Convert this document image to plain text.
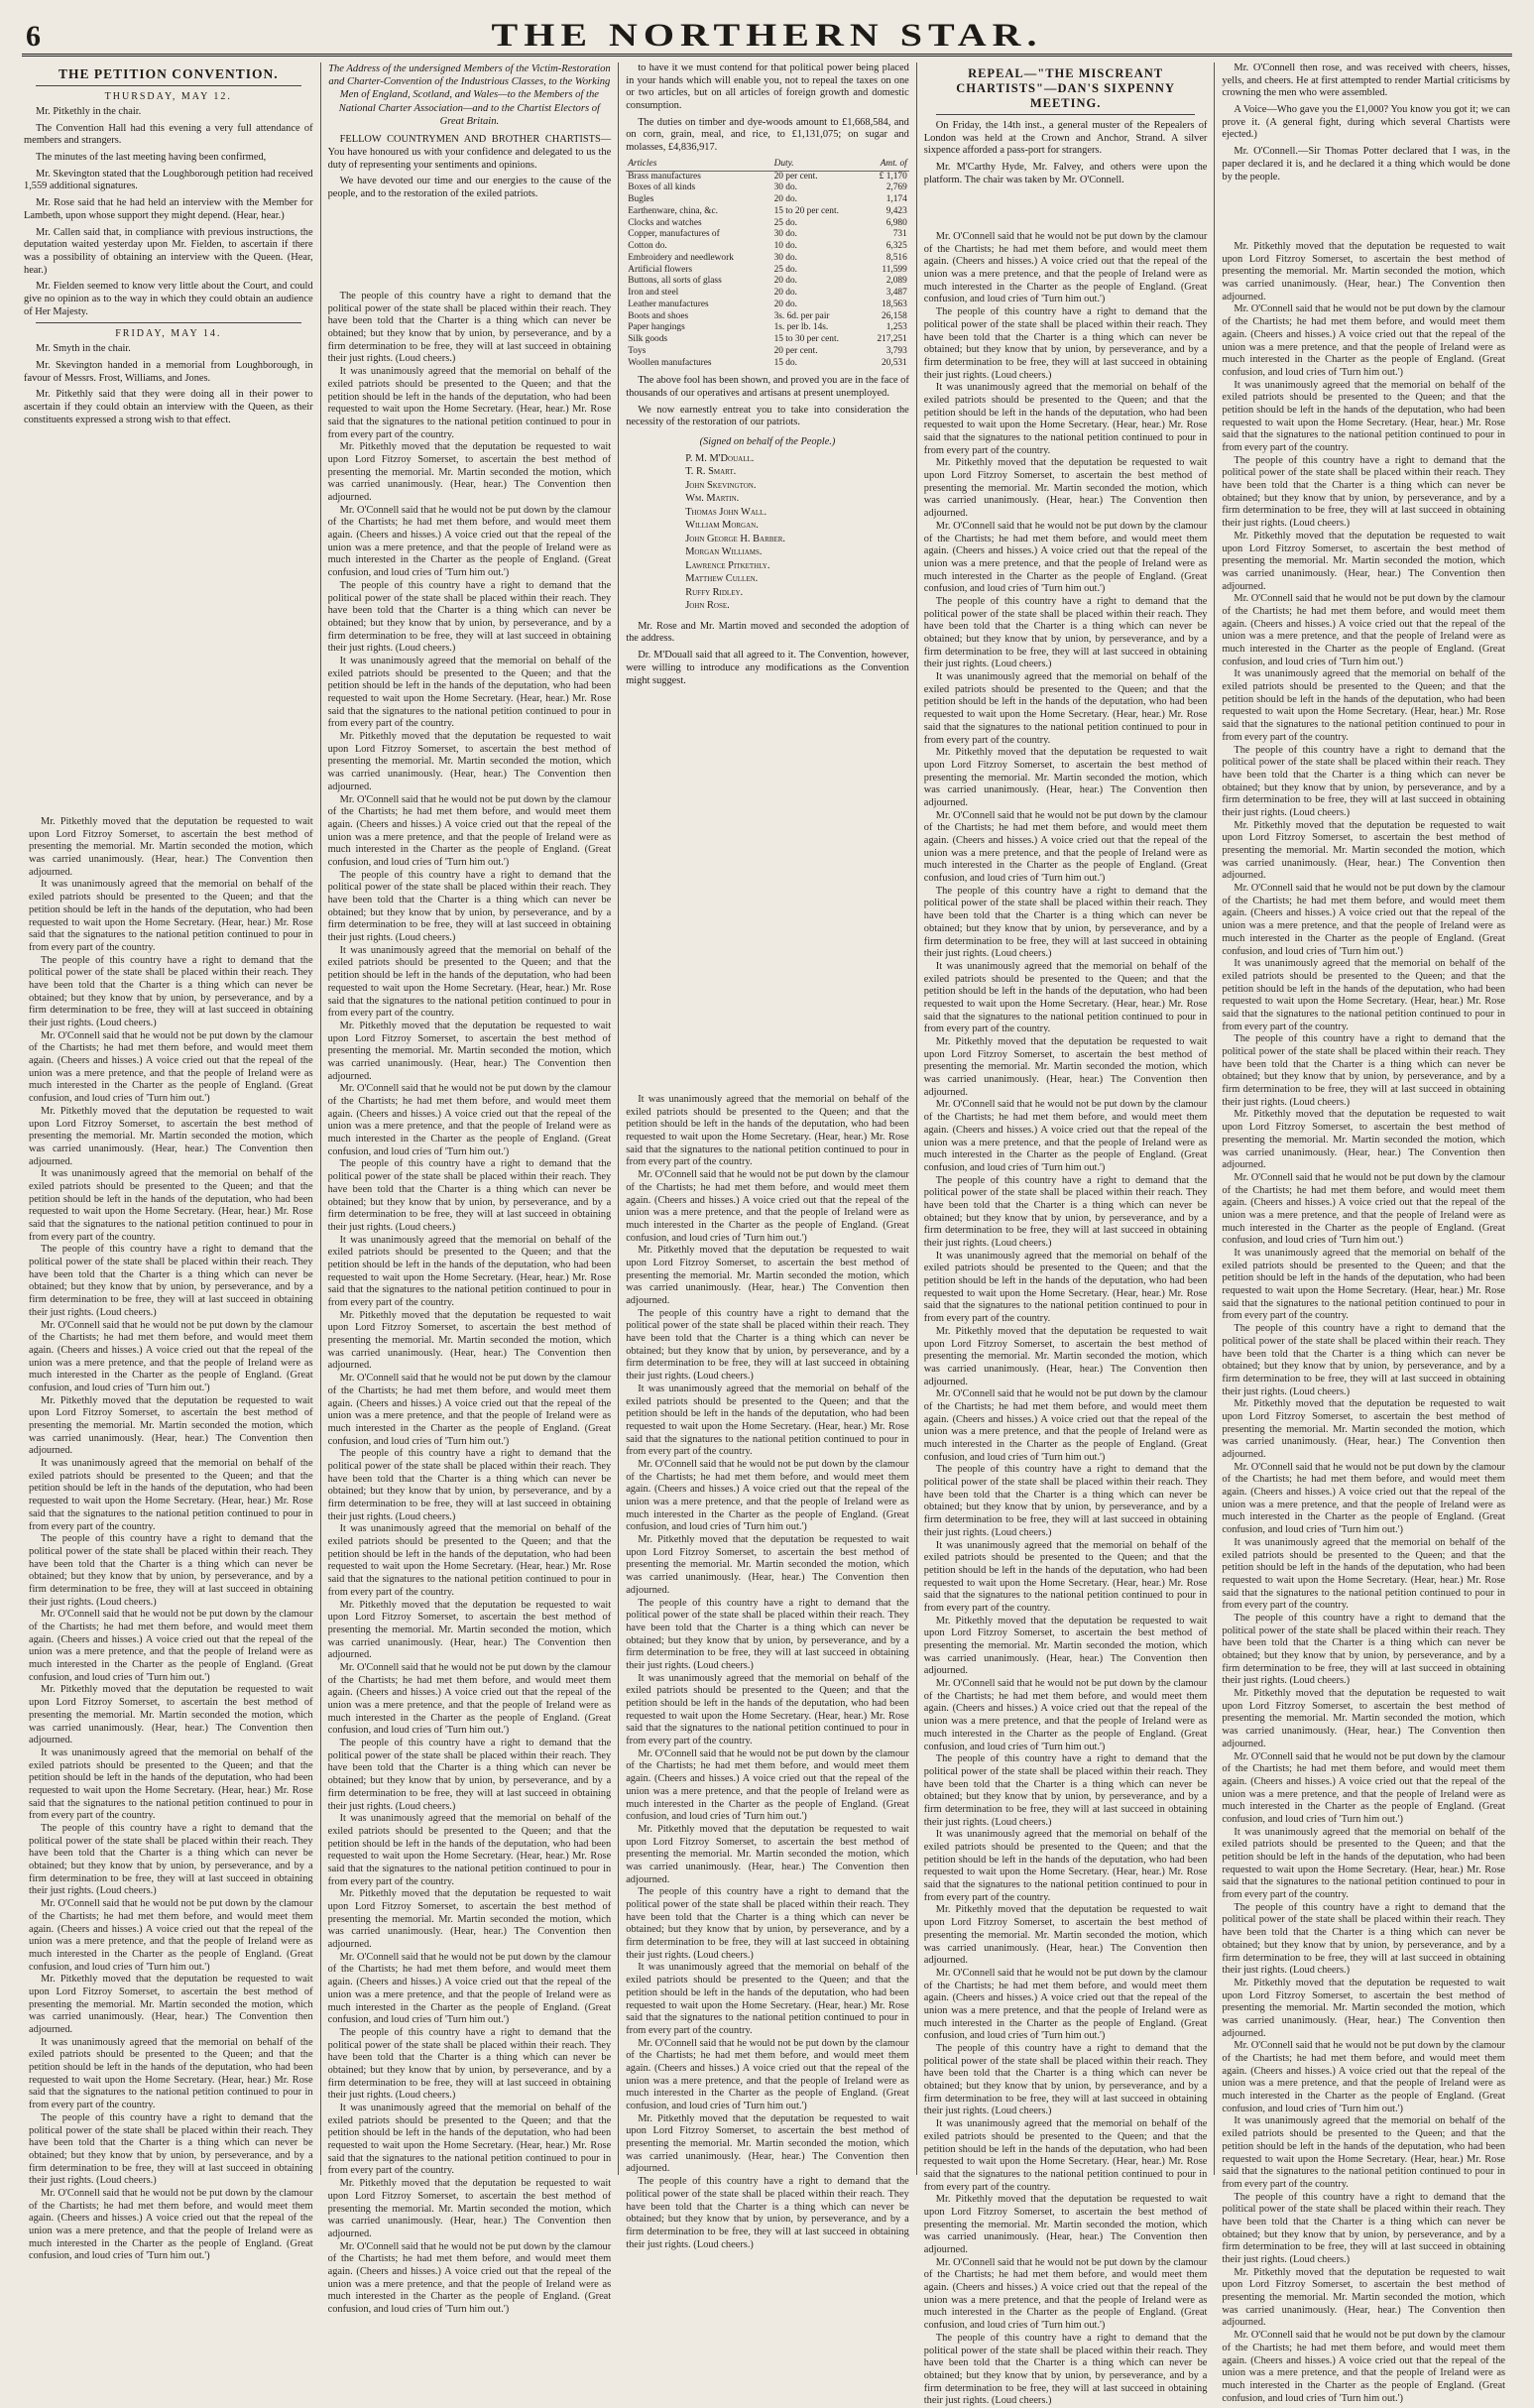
6	THE NORTHERN STAR.
THE PETITION CONVENTION.
THURSDAY, MAY 12.

Mr. Pitkethly in the chair.

The Convention Hall had this evening a very full attendance of members and strangers.

The minutes of the last meeting having been confirmed,

Mr. Skevington stated that the Loughborough petition had received 1,559 additional signatures.

Mr. Rose said that he had held an interview with the Member for Lambeth, upon whose support they might depend. (Hear, hear.)

Mr. Callen said that, in compliance with previous instructions, the deputation waited yesterday upon Mr. Fielden, to ascertain if there was a possibility of obtaining an interview with the Queen. (Hear, hear.)

Mr. Fielden seemed to know very little about the Court, and could give no opinion as to the way in which they could obtain an audience of Her Majesty.

FRIDAY, MAY 14.

Mr. Smyth in the chair.

Mr. Skevington handed in a memorial from Loughborough, in favour of Messrs. Frost, Williams, and Jones.

Mr. Pitkethly said that they were doing all in their power to ascertain if they could obtain an interview with the Queen, as their constituents expressed a strong wish to that effect.

Mr. Pitkethly moved that the deputation be requested to wait upon Lord Fitzroy Somerset, to ascertain the best method of presenting the memorial. Mr. Martin seconded the motion, which was carried unanimously. (Hear, hear.) The Convention then adjourned.

It was unanimously agreed that the memorial on behalf of the exiled patriots should be presented to the Queen; and that the petition should be left in the hands of the deputation, who had been requested to wait upon the Home Secretary. (Hear, hear.) Mr. Rose said that the signatures to the national petition continued to pour in from every part of the country.

The people of this country have a right to demand that the political power of the state shall be placed within their reach. They have been told that the Charter is a thing which can never be obtained; but they know that by union, by perseverance, and by a firm determination to be free, they will at last succeed in obtaining their just rights. (Loud cheers.)

Mr. O'Connell said that he would not be put down by the clamour of the Chartists; he had met them before, and would meet them again. (Cheers and hisses.) A voice cried out that the repeal of the union was a mere pretence, and that the people of Ireland were as much interested in the Charter as the people of England. (Great confusion, and loud cries of 'Turn him out.')

Mr. Pitkethly moved that the deputation be requested to wait upon Lord Fitzroy Somerset, to ascertain the best method of presenting the memorial. Mr. Martin seconded the motion, which was carried unanimously. (Hear, hear.) The Convention then adjourned.

It was unanimously agreed that the memorial on behalf of the exiled patriots should be presented to the Queen; and that the petition should be left in the hands of the deputation, who had been requested to wait upon the Home Secretary. (Hear, hear.) Mr. Rose said that the signatures to the national petition continued to pour in from every part of the country.

The people of this country have a right to demand that the political power of the state shall be placed within their reach. They have been told that the Charter is a thing which can never be obtained; but they know that by union, by perseverance, and by a firm determination to be free, they will at last succeed in obtaining their just rights. (Loud cheers.)

Mr. O'Connell said that he would not be put down by the clamour of the Chartists; he had met them before, and would meet them again. (Cheers and hisses.) A voice cried out that the repeal of the union was a mere pretence, and that the people of Ireland were as much interested in the Charter as the people of England. (Great confusion, and loud cries of 'Turn him out.')

Mr. Pitkethly moved that the deputation be requested to wait upon Lord Fitzroy Somerset, to ascertain the best method of presenting the memorial. Mr. Martin seconded the motion, which was carried unanimously. (Hear, hear.) The Convention then adjourned.

It was unanimously agreed that the memorial on behalf of the exiled patriots should be presented to the Queen; and that the petition should be left in the hands of the deputation, who had been requested to wait upon the Home Secretary. (Hear, hear.) Mr. Rose said that the signatures to the national petition continued to pour in from every part of the country.

The people of this country have a right to demand that the political power of the state shall be placed within their reach. They have been told that the Charter is a thing which can never be obtained; but they know that by union, by perseverance, and by a firm determination to be free, they will at last succeed in obtaining their just rights. (Loud cheers.)

Mr. O'Connell said that he would not be put down by the clamour of the Chartists; he had met them before, and would meet them again. (Cheers and hisses.) A voice cried out that the repeal of the union was a mere pretence, and that the people of Ireland were as much interested in the Charter as the people of England. (Great confusion, and loud cries of 'Turn him out.')

Mr. Pitkethly moved that the deputation be requested to wait upon Lord Fitzroy Somerset, to ascertain the best method of presenting the memorial. Mr. Martin seconded the motion, which was carried unanimously. (Hear, hear.) The Convention then adjourned.

It was unanimously agreed that the memorial on behalf of the exiled patriots should be presented to the Queen; and that the petition should be left in the hands of the deputation, who had been requested to wait upon the Home Secretary. (Hear, hear.) Mr. Rose said that the signatures to the national petition continued to pour in from every part of the country.

The people of this country have a right to demand that the political power of the state shall be placed within their reach. They have been told that the Charter is a thing which can never be obtained; but they know that by union, by perseverance, and by a firm determination to be free, they will at last succeed in obtaining their just rights. (Loud cheers.)

Mr. O'Connell said that he would not be put down by the clamour of the Chartists; he had met them before, and would meet them again. (Cheers and hisses.) A voice cried out that the repeal of the union was a mere pretence, and that the people of Ireland were as much interested in the Charter as the people of England. (Great confusion, and loud cries of 'Turn him out.')

Mr. Pitkethly moved that the deputation be requested to wait upon Lord Fitzroy Somerset, to ascertain the best method of presenting the memorial. Mr. Martin seconded the motion, which was carried unanimously. (Hear, hear.) The Convention then adjourned.

It was unanimously agreed that the memorial on behalf of the exiled patriots should be presented to the Queen; and that the petition should be left in the hands of the deputation, who had been requested to wait upon the Home Secretary. (Hear, hear.) Mr. Rose said that the signatures to the national petition continued to pour in from every part of the country.

The people of this country have a right to demand that the political power of the state shall be placed within their reach. They have been told that the Charter is a thing which can never be obtained; but they know that by union, by perseverance, and by a firm determination to be free, they will at last succeed in obtaining their just rights. (Loud cheers.)

Mr. O'Connell said that he would not be put down by the clamour of the Chartists; he had met them before, and would meet them again. (Cheers and hisses.) A voice cried out that the repeal of the union was a mere pretence, and that the people of Ireland were as much interested in the Charter as the people of England. (Great confusion, and loud cries of 'Turn him out.')

The Address of the undersigned Members of the Victim-Restoration and Charter-Convention of the Industrious Classes, to the Working Men of England, Scotland, and Wales—to the Members of the National Charter Association—and to the Chartist Electors of Great Britain.

FELLOW COUNTRYMEN AND BROTHER CHARTISTS—You have honoured us with your confidence and delegated to us the duty of representing your sentiments and opinions.

We have devoted our time and our energies to the cause of the people, and to the restoration of the exiled patriots.

The people of this country have a right to demand that the political power of the state shall be placed within their reach. They have been told that the Charter is a thing which can never be obtained; but they know that by union, by perseverance, and by a firm determination to be free, they will at last succeed in obtaining their just rights. (Loud cheers.)

It was unanimously agreed that the memorial on behalf of the exiled patriots should be presented to the Queen; and that the petition should be left in the hands of the deputation, who had been requested to wait upon the Home Secretary. (Hear, hear.) Mr. Rose said that the signatures to the national petition continued to pour in from every part of the country.

Mr. Pitkethly moved that the deputation be requested to wait upon Lord Fitzroy Somerset, to ascertain the best method of presenting the memorial. Mr. Martin seconded the motion, which was carried unanimously. (Hear, hear.) The Convention then adjourned.

Mr. O'Connell said that he would not be put down by the clamour of the Chartists; he had met them before, and would meet them again. (Cheers and hisses.) A voice cried out that the repeal of the union was a mere pretence, and that the people of Ireland were as much interested in the Charter as the people of England. (Great confusion, and loud cries of 'Turn him out.')

The people of this country have a right to demand that the political power of the state shall be placed within their reach. They have been told that the Charter is a thing which can never be obtained; but they know that by union, by perseverance, and by a firm determination to be free, they will at last succeed in obtaining their just rights. (Loud cheers.)

It was unanimously agreed that the memorial on behalf of the exiled patriots should be presented to the Queen; and that the petition should be left in the hands of the deputation, who had been requested to wait upon the Home Secretary. (Hear, hear.) Mr. Rose said that the signatures to the national petition continued to pour in from every part of the country.

Mr. Pitkethly moved that the deputation be requested to wait upon Lord Fitzroy Somerset, to ascertain the best method of presenting the memorial. Mr. Martin seconded the motion, which was carried unanimously. (Hear, hear.) The Convention then adjourned.

Mr. O'Connell said that he would not be put down by the clamour of the Chartists; he had met them before, and would meet them again. (Cheers and hisses.) A voice cried out that the repeal of the union was a mere pretence, and that the people of Ireland were as much interested in the Charter as the people of England. (Great confusion, and loud cries of 'Turn him out.')

The people of this country have a right to demand that the political power of the state shall be placed within their reach. They have been told that the Charter is a thing which can never be obtained; but they know that by union, by perseverance, and by a firm determination to be free, they will at last succeed in obtaining their just rights. (Loud cheers.)

It was unanimously agreed that the memorial on behalf of the exiled patriots should be presented to the Queen; and that the petition should be left in the hands of the deputation, who had been requested to wait upon the Home Secretary. (Hear, hear.) Mr. Rose said that the signatures to the national petition continued to pour in from every part of the country.

Mr. Pitkethly moved that the deputation be requested to wait upon Lord Fitzroy Somerset, to ascertain the best method of presenting the memorial. Mr. Martin seconded the motion, which was carried unanimously. (Hear, hear.) The Convention then adjourned.

Mr. O'Connell said that he would not be put down by the clamour of the Chartists; he had met them before, and would meet them again. (Cheers and hisses.) A voice cried out that the repeal of the union was a mere pretence, and that the people of Ireland were as much interested in the Charter as the people of England. (Great confusion, and loud cries of 'Turn him out.')

The people of this country have a right to demand that the political power of the state shall be placed within their reach. They have been told that the Charter is a thing which can never be obtained; but they know that by union, by perseverance, and by a firm determination to be free, they will at last succeed in obtaining their just rights. (Loud cheers.)

It was unanimously agreed that the memorial on behalf of the exiled patriots should be presented to the Queen; and that the petition should be left in the hands of the deputation, who had been requested to wait upon the Home Secretary. (Hear, hear.) Mr. Rose said that the signatures to the national petition continued to pour in from every part of the country.

Mr. Pitkethly moved that the deputation be requested to wait upon Lord Fitzroy Somerset, to ascertain the best method of presenting the memorial. Mr. Martin seconded the motion, which was carried unanimously. (Hear, hear.) The Convention then adjourned.

Mr. O'Connell said that he would not be put down by the clamour of the Chartists; he had met them before, and would meet them again. (Cheers and hisses.) A voice cried out that the repeal of the union was a mere pretence, and that the people of Ireland were as much interested in the Charter as the people of England. (Great confusion, and loud cries of 'Turn him out.')

The people of this country have a right to demand that the political power of the state shall be placed within their reach. They have been told that the Charter is a thing which can never be obtained; but they know that by union, by perseverance, and by a firm determination to be free, they will at last succeed in obtaining their just rights. (Loud cheers.)

It was unanimously agreed that the memorial on behalf of the exiled patriots should be presented to the Queen; and that the petition should be left in the hands of the deputation, who had been requested to wait upon the Home Secretary. (Hear, hear.) Mr. Rose said that the signatures to the national petition continued to pour in from every part of the country.

Mr. Pitkethly moved that the deputation be requested to wait upon Lord Fitzroy Somerset, to ascertain the best method of presenting the memorial. Mr. Martin seconded the motion, which was carried unanimously. (Hear, hear.) The Convention then adjourned.

Mr. O'Connell said that he would not be put down by the clamour of the Chartists; he had met them before, and would meet them again. (Cheers and hisses.) A voice cried out that the repeal of the union was a mere pretence, and that the people of Ireland were as much interested in the Charter as the people of England. (Great confusion, and loud cries of 'Turn him out.')

The people of this country have a right to demand that the political power of the state shall be placed within their reach. They have been told that the Charter is a thing which can never be obtained; but they know that by union, by perseverance, and by a firm determination to be free, they will at last succeed in obtaining their just rights. (Loud cheers.)

It was unanimously agreed that the memorial on behalf of the exiled patriots should be presented to the Queen; and that the petition should be left in the hands of the deputation, who had been requested to wait upon the Home Secretary. (Hear, hear.) Mr. Rose said that the signatures to the national petition continued to pour in from every part of the country.

Mr. Pitkethly moved that the deputation be requested to wait upon Lord Fitzroy Somerset, to ascertain the best method of presenting the memorial. Mr. Martin seconded the motion, which was carried unanimously. (Hear, hear.) The Convention then adjourned.

Mr. O'Connell said that he would not be put down by the clamour of the Chartists; he had met them before, and would meet them again. (Cheers and hisses.) A voice cried out that the repeal of the union was a mere pretence, and that the people of Ireland were as much interested in the Charter as the people of England. (Great confusion, and loud cries of 'Turn him out.')

The people of this country have a right to demand that the political power of the state shall be placed within their reach. They have been told that the Charter is a thing which can never be obtained; but they know that by union, by perseverance, and by a firm determination to be free, they will at last succeed in obtaining their just rights. (Loud cheers.)

It was unanimously agreed that the memorial on behalf of the exiled patriots should be presented to the Queen; and that the petition should be left in the hands of the deputation, who had been requested to wait upon the Home Secretary. (Hear, hear.) Mr. Rose said that the signatures to the national petition continued to pour in from every part of the country.

Mr. Pitkethly moved that the deputation be requested to wait upon Lord Fitzroy Somerset, to ascertain the best method of presenting the memorial. Mr. Martin seconded the motion, which was carried unanimously. (Hear, hear.) The Convention then adjourned.

Mr. O'Connell said that he would not be put down by the clamour of the Chartists; he had met them before, and would meet them again. (Cheers and hisses.) A voice cried out that the repeal of the union was a mere pretence, and that the people of Ireland were as much interested in the Charter as the people of England. (Great confusion, and loud cries of 'Turn him out.')

to have it we must contend for that political power being placed in your hands which will enable you, not to repeal the taxes on one or two articles, but on all articles of foreign growth and domestic consumption.

The duties on timber and dye-woods amount to £1,668,584, and on corn, grain, meal, and rice, to £1,131,075; on sugar and molasses, £4,836,917.

Articles	Duty.	Amt. of
Brass manufactures	20 per cent.	£ 1,170
Boxes of all kinds	30 do.	2,769
Bugles	20 do.	1,174
Earthenware, china, &c.	15 to 20 per cent.	9,423
Clocks and watches	25 do.	6,980
Copper, manufactures of	30 do.	731
Cotton do.	10 do.	6,325
Embroidery and needlework	30 do.	8,516
Artificial flowers	25 do.	11,599
Buttons, all sorts of glass	20 do.	2,089
Iron and steel	20 do.	3,487
Leather manufactures	20 do.	18,563
Boots and shoes	3s. 6d. per pair	26,158
Paper hangings	1s. per lb. 14s.	1,253
Silk goods	15 to 30 per cent.	217,251
Toys	20 per cent.	3,793
Woollen manufactures	15 do.	20,531

The above fool has been shown, and proved you are in the face of thousands of our operatives and artisans at present unemployed.

We now earnestly entreat you to take into consideration the necessity of the restoration of our patriots.

(Signed on behalf of the People.)
P. M. M'Douall.
T. R. Smart.
John Skevington.
Wm. Martin.
Thomas John Wall.
William Morgan.
John George H. Barber.
Morgan Williams.
Lawrence Pitkethly.
Matthew Cullen.
Ruffy Ridley.
John Rose.

Mr. Rose and Mr. Martin moved and seconded the adoption of the address.

Dr. M'Douall said that all agreed to it. The Convention, however, were willing to introduce any modifications as the Convention might suggest.

It was unanimously agreed that the memorial on behalf of the exiled patriots should be presented to the Queen; and that the petition should be left in the hands of the deputation, who had been requested to wait upon the Home Secretary. (Hear, hear.) Mr. Rose said that the signatures to the national petition continued to pour in from every part of the country.

Mr. O'Connell said that he would not be put down by the clamour of the Chartists; he had met them before, and would meet them again. (Cheers and hisses.) A voice cried out that the repeal of the union was a mere pretence, and that the people of Ireland were as much interested in the Charter as the people of England. (Great confusion, and loud cries of 'Turn him out.')

Mr. Pitkethly moved that the deputation be requested to wait upon Lord Fitzroy Somerset, to ascertain the best method of presenting the memorial. Mr. Martin seconded the motion, which was carried unanimously. (Hear, hear.) The Convention then adjourned.

The people of this country have a right to demand that the political power of the state shall be placed within their reach. They have been told that the Charter is a thing which can never be obtained; but they know that by union, by perseverance, and by a firm determination to be free, they will at last succeed in obtaining their just rights. (Loud cheers.)

It was unanimously agreed that the memorial on behalf of the exiled patriots should be presented to the Queen; and that the petition should be left in the hands of the deputation, who had been requested to wait upon the Home Secretary. (Hear, hear.) Mr. Rose said that the signatures to the national petition continued to pour in from every part of the country.

Mr. O'Connell said that he would not be put down by the clamour of the Chartists; he had met them before, and would meet them again. (Cheers and hisses.) A voice cried out that the repeal of the union was a mere pretence, and that the people of Ireland were as much interested in the Charter as the people of England. (Great confusion, and loud cries of 'Turn him out.')

Mr. Pitkethly moved that the deputation be requested to wait upon Lord Fitzroy Somerset, to ascertain the best method of presenting the memorial. Mr. Martin seconded the motion, which was carried unanimously. (Hear, hear.) The Convention then adjourned.

The people of this country have a right to demand that the political power of the state shall be placed within their reach. They have been told that the Charter is a thing which can never be obtained; but they know that by union, by perseverance, and by a firm determination to be free, they will at last succeed in obtaining their just rights. (Loud cheers.)

It was unanimously agreed that the memorial on behalf of the exiled patriots should be presented to the Queen; and that the petition should be left in the hands of the deputation, who had been requested to wait upon the Home Secretary. (Hear, hear.) Mr. Rose said that the signatures to the national petition continued to pour in from every part of the country.

Mr. O'Connell said that he would not be put down by the clamour of the Chartists; he had met them before, and would meet them again. (Cheers and hisses.) A voice cried out that the repeal of the union was a mere pretence, and that the people of Ireland were as much interested in the Charter as the people of England. (Great confusion, and loud cries of 'Turn him out.')

Mr. Pitkethly moved that the deputation be requested to wait upon Lord Fitzroy Somerset, to ascertain the best method of presenting the memorial. Mr. Martin seconded the motion, which was carried unanimously. (Hear, hear.) The Convention then adjourned.

The people of this country have a right to demand that the political power of the state shall be placed within their reach. They have been told that the Charter is a thing which can never be obtained; but they know that by union, by perseverance, and by a firm determination to be free, they will at last succeed in obtaining their just rights. (Loud cheers.)

It was unanimously agreed that the memorial on behalf of the exiled patriots should be presented to the Queen; and that the petition should be left in the hands of the deputation, who had been requested to wait upon the Home Secretary. (Hear, hear.) Mr. Rose said that the signatures to the national petition continued to pour in from every part of the country.

Mr. O'Connell said that he would not be put down by the clamour of the Chartists; he had met them before, and would meet them again. (Cheers and hisses.) A voice cried out that the repeal of the union was a mere pretence, and that the people of Ireland were as much interested in the Charter as the people of England. (Great confusion, and loud cries of 'Turn him out.')

Mr. Pitkethly moved that the deputation be requested to wait upon Lord Fitzroy Somerset, to ascertain the best method of presenting the memorial. Mr. Martin seconded the motion, which was carried unanimously. (Hear, hear.) The Convention then adjourned.

The people of this country have a right to demand that the political power of the state shall be placed within their reach. They have been told that the Charter is a thing which can never be obtained; but they know that by union, by perseverance, and by a firm determination to be free, they will at last succeed in obtaining their just rights. (Loud cheers.)

REPEAL—"THE MISCREANT CHARTISTS"—DAN'S SIXPENNY MEETING.

On Friday, the 14th inst., a general muster of the Repealers of London was held at the Crown and Anchor, Strand. A silver sixpence afforded a pass-port for strangers.

Mr. M'Carthy Hyde, Mr. Falvey, and others were upon the platform. The chair was taken by Mr. O'Connell.

Mr. O'Connell said that he would not be put down by the clamour of the Chartists; he had met them before, and would meet them again. (Cheers and hisses.) A voice cried out that the repeal of the union was a mere pretence, and that the people of Ireland were as much interested in the Charter as the people of England. (Great confusion, and loud cries of 'Turn him out.')

The people of this country have a right to demand that the political power of the state shall be placed within their reach. They have been told that the Charter is a thing which can never be obtained; but they know that by union, by perseverance, and by a firm determination to be free, they will at last succeed in obtaining their just rights. (Loud cheers.)

It was unanimously agreed that the memorial on behalf of the exiled patriots should be presented to the Queen; and that the petition should be left in the hands of the deputation, who had been requested to wait upon the Home Secretary. (Hear, hear.) Mr. Rose said that the signatures to the national petition continued to pour in from every part of the country.

Mr. Pitkethly moved that the deputation be requested to wait upon Lord Fitzroy Somerset, to ascertain the best method of presenting the memorial. Mr. Martin seconded the motion, which was carried unanimously. (Hear, hear.) The Convention then adjourned.

Mr. O'Connell said that he would not be put down by the clamour of the Chartists; he had met them before, and would meet them again. (Cheers and hisses.) A voice cried out that the repeal of the union was a mere pretence, and that the people of Ireland were as much interested in the Charter as the people of England. (Great confusion, and loud cries of 'Turn him out.')

The people of this country have a right to demand that the political power of the state shall be placed within their reach. They have been told that the Charter is a thing which can never be obtained; but they know that by union, by perseverance, and by a firm determination to be free, they will at last succeed in obtaining their just rights. (Loud cheers.)

It was unanimously agreed that the memorial on behalf of the exiled patriots should be presented to the Queen; and that the petition should be left in the hands of the deputation, who had been requested to wait upon the Home Secretary. (Hear, hear.) Mr. Rose said that the signatures to the national petition continued to pour in from every part of the country.

Mr. Pitkethly moved that the deputation be requested to wait upon Lord Fitzroy Somerset, to ascertain the best method of presenting the memorial. Mr. Martin seconded the motion, which was carried unanimously. (Hear, hear.) The Convention then adjourned.

Mr. O'Connell said that he would not be put down by the clamour of the Chartists; he had met them before, and would meet them again. (Cheers and hisses.) A voice cried out that the repeal of the union was a mere pretence, and that the people of Ireland were as much interested in the Charter as the people of England. (Great confusion, and loud cries of 'Turn him out.')

The people of this country have a right to demand that the political power of the state shall be placed within their reach. They have been told that the Charter is a thing which can never be obtained; but they know that by union, by perseverance, and by a firm determination to be free, they will at last succeed in obtaining their just rights. (Loud cheers.)

It was unanimously agreed that the memorial on behalf of the exiled patriots should be presented to the Queen; and that the petition should be left in the hands of the deputation, who had been requested to wait upon the Home Secretary. (Hear, hear.) Mr. Rose said that the signatures to the national petition continued to pour in from every part of the country.

Mr. Pitkethly moved that the deputation be requested to wait upon Lord Fitzroy Somerset, to ascertain the best method of presenting the memorial. Mr. Martin seconded the motion, which was carried unanimously. (Hear, hear.) The Convention then adjourned.

Mr. O'Connell said that he would not be put down by the clamour of the Chartists; he had met them before, and would meet them again. (Cheers and hisses.) A voice cried out that the repeal of the union was a mere pretence, and that the people of Ireland were as much interested in the Charter as the people of England. (Great confusion, and loud cries of 'Turn him out.')

The people of this country have a right to demand that the political power of the state shall be placed within their reach. They have been told that the Charter is a thing which can never be obtained; but they know that by union, by perseverance, and by a firm determination to be free, they will at last succeed in obtaining their just rights. (Loud cheers.)

It was unanimously agreed that the memorial on behalf of the exiled patriots should be presented to the Queen; and that the petition should be left in the hands of the deputation, who had been requested to wait upon the Home Secretary. (Hear, hear.) Mr. Rose said that the signatures to the national petition continued to pour in from every part of the country.

Mr. Pitkethly moved that the deputation be requested to wait upon Lord Fitzroy Somerset, to ascertain the best method of presenting the memorial. Mr. Martin seconded the motion, which was carried unanimously. (Hear, hear.) The Convention then adjourned.

Mr. O'Connell said that he would not be put down by the clamour of the Chartists; he had met them before, and would meet them again. (Cheers and hisses.) A voice cried out that the repeal of the union was a mere pretence, and that the people of Ireland were as much interested in the Charter as the people of England. (Great confusion, and loud cries of 'Turn him out.')

The people of this country have a right to demand that the political power of the state shall be placed within their reach. They have been told that the Charter is a thing which can never be obtained; but they know that by union, by perseverance, and by a firm determination to be free, they will at last succeed in obtaining their just rights. (Loud cheers.)

It was unanimously agreed that the memorial on behalf of the exiled patriots should be presented to the Queen; and that the petition should be left in the hands of the deputation, who had been requested to wait upon the Home Secretary. (Hear, hear.) Mr. Rose said that the signatures to the national petition continued to pour in from every part of the country.

Mr. Pitkethly moved that the deputation be requested to wait upon Lord Fitzroy Somerset, to ascertain the best method of presenting the memorial. Mr. Martin seconded the motion, which was carried unanimously. (Hear, hear.) The Convention then adjourned.

Mr. O'Connell said that he would not be put down by the clamour of the Chartists; he had met them before, and would meet them again. (Cheers and hisses.) A voice cried out that the repeal of the union was a mere pretence, and that the people of Ireland were as much interested in the Charter as the people of England. (Great confusion, and loud cries of 'Turn him out.')

The people of this country have a right to demand that the political power of the state shall be placed within their reach. They have been told that the Charter is a thing which can never be obtained; but they know that by union, by perseverance, and by a firm determination to be free, they will at last succeed in obtaining their just rights. (Loud cheers.)

It was unanimously agreed that the memorial on behalf of the exiled patriots should be presented to the Queen; and that the petition should be left in the hands of the deputation, who had been requested to wait upon the Home Secretary. (Hear, hear.) Mr. Rose said that the signatures to the national petition continued to pour in from every part of the country.

Mr. Pitkethly moved that the deputation be requested to wait upon Lord Fitzroy Somerset, to ascertain the best method of presenting the memorial. Mr. Martin seconded the motion, which was carried unanimously. (Hear, hear.) The Convention then adjourned.

Mr. O'Connell said that he would not be put down by the clamour of the Chartists; he had met them before, and would meet them again. (Cheers and hisses.) A voice cried out that the repeal of the union was a mere pretence, and that the people of Ireland were as much interested in the Charter as the people of England. (Great confusion, and loud cries of 'Turn him out.')

The people of this country have a right to demand that the political power of the state shall be placed within their reach. They have been told that the Charter is a thing which can never be obtained; but they know that by union, by perseverance, and by a firm determination to be free, they will at last succeed in obtaining their just rights. (Loud cheers.)

It was unanimously agreed that the memorial on behalf of the exiled patriots should be presented to the Queen; and that the petition should be left in the hands of the deputation, who had been requested to wait upon the Home Secretary. (Hear, hear.) Mr. Rose said that the signatures to the national petition continued to pour in from every part of the country.

Mr. Pitkethly moved that the deputation be requested to wait upon Lord Fitzroy Somerset, to ascertain the best method of presenting the memorial. Mr. Martin seconded the motion, which was carried unanimously. (Hear, hear.) The Convention then adjourned.

Mr. O'Connell said that he would not be put down by the clamour of the Chartists; he had met them before, and would meet them again. (Cheers and hisses.) A voice cried out that the repeal of the union was a mere pretence, and that the people of Ireland were as much interested in the Charter as the people of England. (Great confusion, and loud cries of 'Turn him out.')

The people of this country have a right to demand that the political power of the state shall be placed within their reach. They have been told that the Charter is a thing which can never be obtained; but they know that by union, by perseverance, and by a firm determination to be free, they will at last succeed in obtaining their just rights. (Loud cheers.)

Mr. O'Connell then rose, and was received with cheers, hisses, yells, and cheers. He at first attempted to render Martial criticisms by crowning the men who were assembled.

A Voice—Who gave you the £1,000? You know you got it; we can prove it. (A general fight, during which several Chartists were ejected.)

Mr. O'Connell.—Sir Thomas Potter declared that I was, in the paper declared it is, and he declared it a thing which would be done by the people.

Mr. Pitkethly moved that the deputation be requested to wait upon Lord Fitzroy Somerset, to ascertain the best method of presenting the memorial. Mr. Martin seconded the motion, which was carried unanimously. (Hear, hear.) The Convention then adjourned.

Mr. O'Connell said that he would not be put down by the clamour of the Chartists; he had met them before, and would meet them again. (Cheers and hisses.) A voice cried out that the repeal of the union was a mere pretence, and that the people of Ireland were as much interested in the Charter as the people of England. (Great confusion, and loud cries of 'Turn him out.')

It was unanimously agreed that the memorial on behalf of the exiled patriots should be presented to the Queen; and that the petition should be left in the hands of the deputation, who had been requested to wait upon the Home Secretary. (Hear, hear.) Mr. Rose said that the signatures to the national petition continued to pour in from every part of the country.

The people of this country have a right to demand that the political power of the state shall be placed within their reach. They have been told that the Charter is a thing which can never be obtained; but they know that by union, by perseverance, and by a firm determination to be free, they will at last succeed in obtaining their just rights. (Loud cheers.)

Mr. Pitkethly moved that the deputation be requested to wait upon Lord Fitzroy Somerset, to ascertain the best method of presenting the memorial. Mr. Martin seconded the motion, which was carried unanimously. (Hear, hear.) The Convention then adjourned.

Mr. O'Connell said that he would not be put down by the clamour of the Chartists; he had met them before, and would meet them again. (Cheers and hisses.) A voice cried out that the repeal of the union was a mere pretence, and that the people of Ireland were as much interested in the Charter as the people of England. (Great confusion, and loud cries of 'Turn him out.')

It was unanimously agreed that the memorial on behalf of the exiled patriots should be presented to the Queen; and that the petition should be left in the hands of the deputation, who had been requested to wait upon the Home Secretary. (Hear, hear.) Mr. Rose said that the signatures to the national petition continued to pour in from every part of the country.

The people of this country have a right to demand that the political power of the state shall be placed within their reach. They have been told that the Charter is a thing which can never be obtained; but they know that by union, by perseverance, and by a firm determination to be free, they will at last succeed in obtaining their just rights. (Loud cheers.)

Mr. Pitkethly moved that the deputation be requested to wait upon Lord Fitzroy Somerset, to ascertain the best method of presenting the memorial. Mr. Martin seconded the motion, which was carried unanimously. (Hear, hear.) The Convention then adjourned.

Mr. O'Connell said that he would not be put down by the clamour of the Chartists; he had met them before, and would meet them again. (Cheers and hisses.) A voice cried out that the repeal of the union was a mere pretence, and that the people of Ireland were as much interested in the Charter as the people of England. (Great confusion, and loud cries of 'Turn him out.')

It was unanimously agreed that the memorial on behalf of the exiled patriots should be presented to the Queen; and that the petition should be left in the hands of the deputation, who had been requested to wait upon the Home Secretary. (Hear, hear.) Mr. Rose said that the signatures to the national petition continued to pour in from every part of the country.

The people of this country have a right to demand that the political power of the state shall be placed within their reach. They have been told that the Charter is a thing which can never be obtained; but they know that by union, by perseverance, and by a firm determination to be free, they will at last succeed in obtaining their just rights. (Loud cheers.)

Mr. Pitkethly moved that the deputation be requested to wait upon Lord Fitzroy Somerset, to ascertain the best method of presenting the memorial. Mr. Martin seconded the motion, which was carried unanimously. (Hear, hear.) The Convention then adjourned.

Mr. O'Connell said that he would not be put down by the clamour of the Chartists; he had met them before, and would meet them again. (Cheers and hisses.) A voice cried out that the repeal of the union was a mere pretence, and that the people of Ireland were as much interested in the Charter as the people of England. (Great confusion, and loud cries of 'Turn him out.')

It was unanimously agreed that the memorial on behalf of the exiled patriots should be presented to the Queen; and that the petition should be left in the hands of the deputation, who had been requested to wait upon the Home Secretary. (Hear, hear.) Mr. Rose said that the signatures to the national petition continued to pour in from every part of the country.

The people of this country have a right to demand that the political power of the state shall be placed within their reach. They have been told that the Charter is a thing which can never be obtained; but they know that by union, by perseverance, and by a firm determination to be free, they will at last succeed in obtaining their just rights. (Loud cheers.)

Mr. Pitkethly moved that the deputation be requested to wait upon Lord Fitzroy Somerset, to ascertain the best method of presenting the memorial. Mr. Martin seconded the motion, which was carried unanimously. (Hear, hear.) The Convention then adjourned.

Mr. O'Connell said that he would not be put down by the clamour of the Chartists; he had met them before, and would meet them again. (Cheers and hisses.) A voice cried out that the repeal of the union was a mere pretence, and that the people of Ireland were as much interested in the Charter as the people of England. (Great confusion, and loud cries of 'Turn him out.')

It was unanimously agreed that the memorial on behalf of the exiled patriots should be presented to the Queen; and that the petition should be left in the hands of the deputation, who had been requested to wait upon the Home Secretary. (Hear, hear.) Mr. Rose said that the signatures to the national petition continued to pour in from every part of the country.

The people of this country have a right to demand that the political power of the state shall be placed within their reach. They have been told that the Charter is a thing which can never be obtained; but they know that by union, by perseverance, and by a firm determination to be free, they will at last succeed in obtaining their just rights. (Loud cheers.)

Mr. Pitkethly moved that the deputation be requested to wait upon Lord Fitzroy Somerset, to ascertain the best method of presenting the memorial. Mr. Martin seconded the motion, which was carried unanimously. (Hear, hear.) The Convention then adjourned.

Mr. O'Connell said that he would not be put down by the clamour of the Chartists; he had met them before, and would meet them again. (Cheers and hisses.) A voice cried out that the repeal of the union was a mere pretence, and that the people of Ireland were as much interested in the Charter as the people of England. (Great confusion, and loud cries of 'Turn him out.')

It was unanimously agreed that the memorial on behalf of the exiled patriots should be presented to the Queen; and that the petition should be left in the hands of the deputation, who had been requested to wait upon the Home Secretary. (Hear, hear.) Mr. Rose said that the signatures to the national petition continued to pour in from every part of the country.

The people of this country have a right to demand that the political power of the state shall be placed within their reach. They have been told that the Charter is a thing which can never be obtained; but they know that by union, by perseverance, and by a firm determination to be free, they will at last succeed in obtaining their just rights. (Loud cheers.)

Mr. Pitkethly moved that the deputation be requested to wait upon Lord Fitzroy Somerset, to ascertain the best method of presenting the memorial. Mr. Martin seconded the motion, which was carried unanimously. (Hear, hear.) The Convention then adjourned.

Mr. O'Connell said that he would not be put down by the clamour of the Chartists; he had met them before, and would meet them again. (Cheers and hisses.) A voice cried out that the repeal of the union was a mere pretence, and that the people of Ireland were as much interested in the Charter as the people of England. (Great confusion, and loud cries of 'Turn him out.')

It was unanimously agreed that the memorial on behalf of the exiled patriots should be presented to the Queen; and that the petition should be left in the hands of the deputation, who had been requested to wait upon the Home Secretary. (Hear, hear.) Mr. Rose said that the signatures to the national petition continued to pour in from every part of the country.

The people of this country have a right to demand that the political power of the state shall be placed within their reach. They have been told that the Charter is a thing which can never be obtained; but they know that by union, by perseverance, and by a firm determination to be free, they will at last succeed in obtaining their just rights. (Loud cheers.)

Mr. Pitkethly moved that the deputation be requested to wait upon Lord Fitzroy Somerset, to ascertain the best method of presenting the memorial. Mr. Martin seconded the motion, which was carried unanimously. (Hear, hear.) The Convention then adjourned.

Mr. O'Connell said that he would not be put down by the clamour of the Chartists; he had met them before, and would meet them again. (Cheers and hisses.) A voice cried out that the repeal of the union was a mere pretence, and that the people of Ireland were as much interested in the Charter as the people of England. (Great confusion, and loud cries of 'Turn him out.')
